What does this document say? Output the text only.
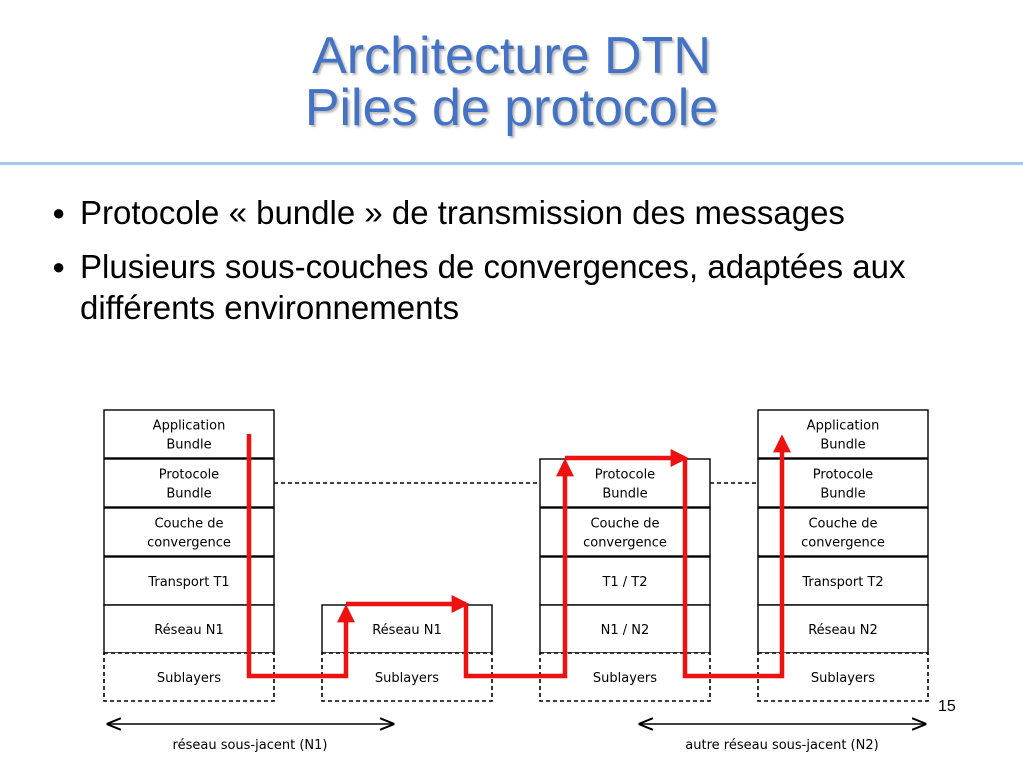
Architecture DTN
Piles de protocole
● Protocole « bundle » de transmission des messages
● Plusieurs sous-couches de convergences, adaptées aux différents environnements
Application Bundle
Protocole Bundle
Couche de convergence
Transport T1
Réseau N1
Sublayers
Réseau N1
Sublayers
Protocole Bundle
Couche de convergence
T1 / T2
N1 / N2
Sublayers
Application Bundle
Protocole Bundle
Couche de convergence
Transport T2
Réseau N2
Sublayers
réseau sous-jacent (N1)	autre réseau sous-jacent (N2)
15
